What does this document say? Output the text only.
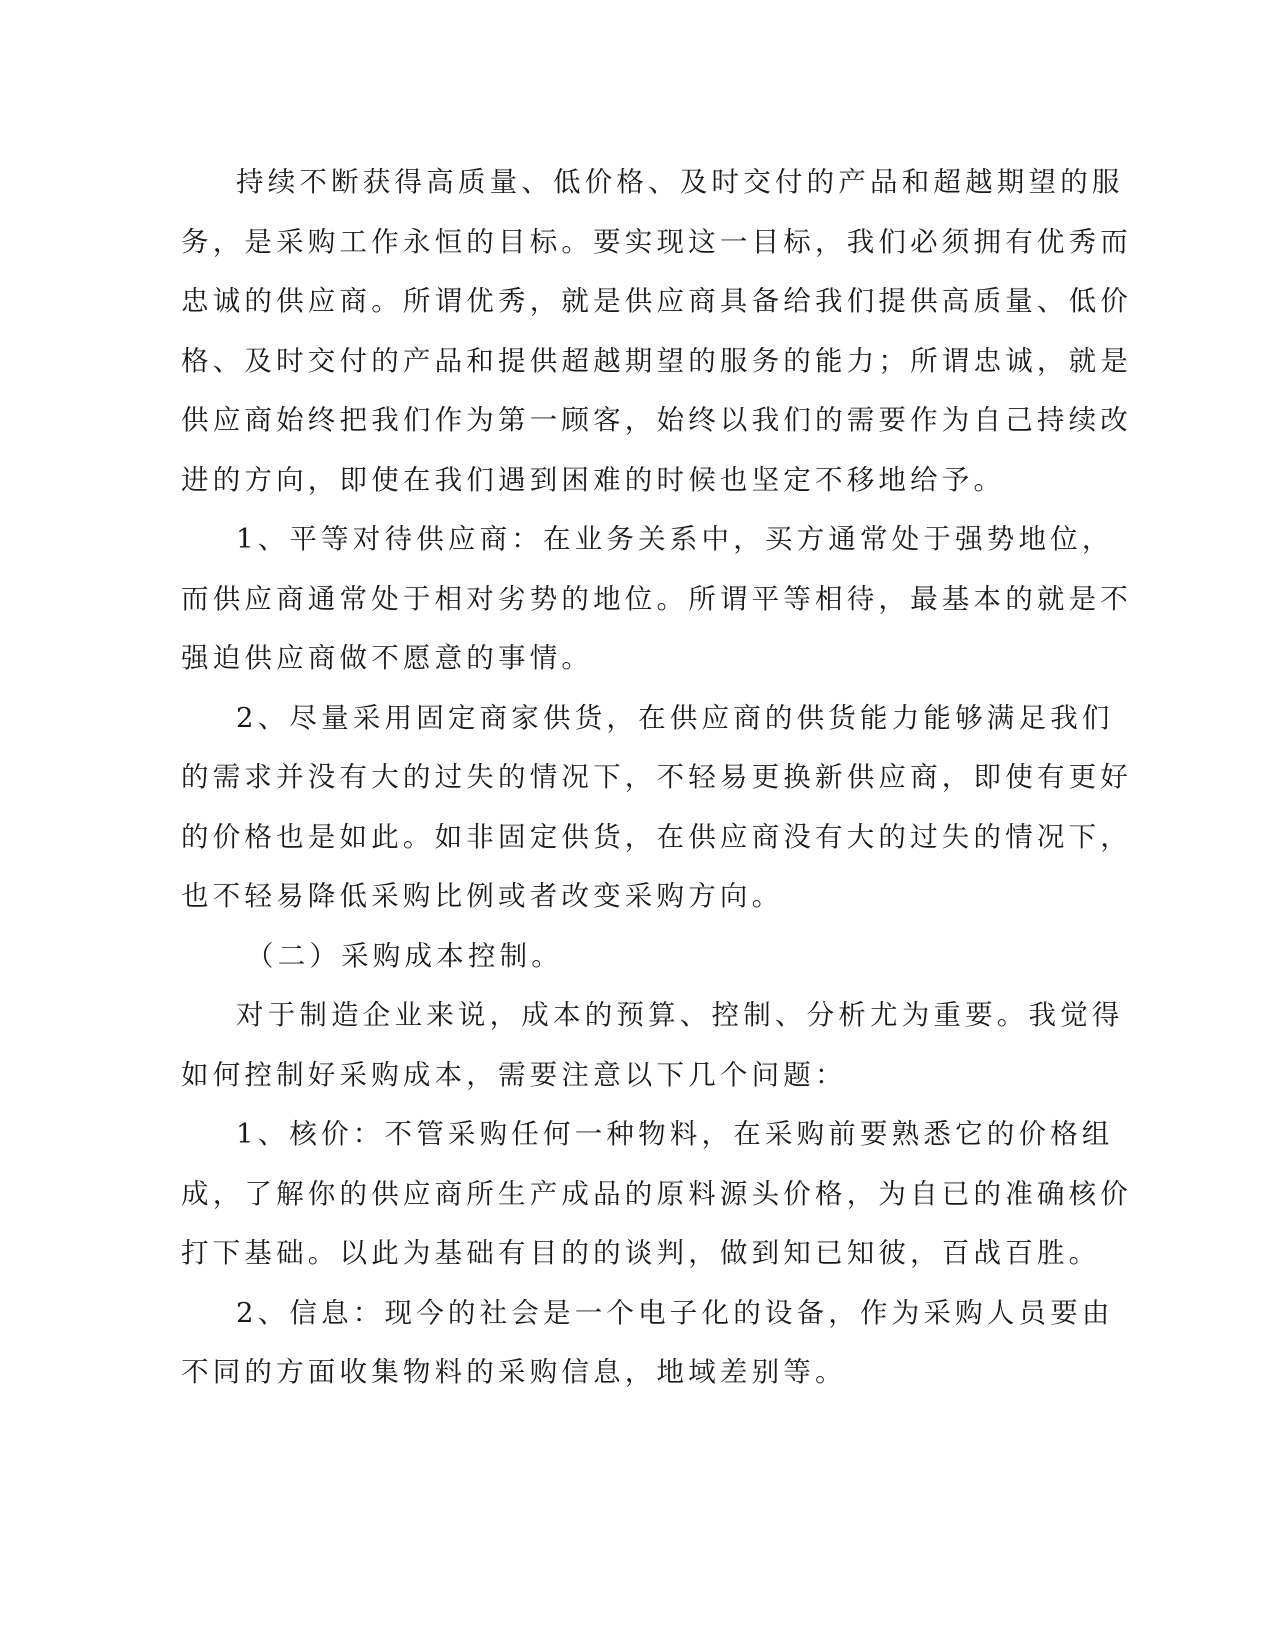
持续不断获得高质量、低价格、及时交付的产品和超越期望的服
务，是采购工作永恒的目标。要实现这一目标，我们必须拥有优秀而
忠诚的供应商。所谓优秀，就是供应商具备给我们提供高质量、低价
格、及时交付的产品和提供超越期望的服务的能力；所谓忠诚，就是
供应商始终把我们作为第一顾客，始终以我们的需要作为自己持续改
进的方向，即使在我们遇到困难的时候也坚定不移地给予。

1、平等对待供应商：在业务关系中，买方通常处于强势地位，
而供应商通常处于相对劣势的地位。所谓平等相待，最基本的就是不
强迫供应商做不愿意的事情。

2、尽量采用固定商家供货，在供应商的供货能力能够满足我们
的需求并没有大的过失的情况下，不轻易更换新供应商，即使有更好
的价格也是如此。如非固定供货，在供应商没有大的过失的情况下，
也不轻易降低采购比例或者改变采购方向。

（二）采购成本控制。

对于制造企业来说，成本的预算、控制、分析尤为重要。我觉得
如何控制好采购成本，需要注意以下几个问题：

1、核价：不管采购任何一种物料，在采购前要熟悉它的价格组
成，了解你的供应商所生产成品的原料源头价格，为自已的准确核价
打下基础。以此为基础有目的的谈判，做到知已知彼，百战百胜。

2、信息：现今的社会是一个电子化的设备，作为采购人员要由
不同的方面收集物料的采购信息，地域差别等。
